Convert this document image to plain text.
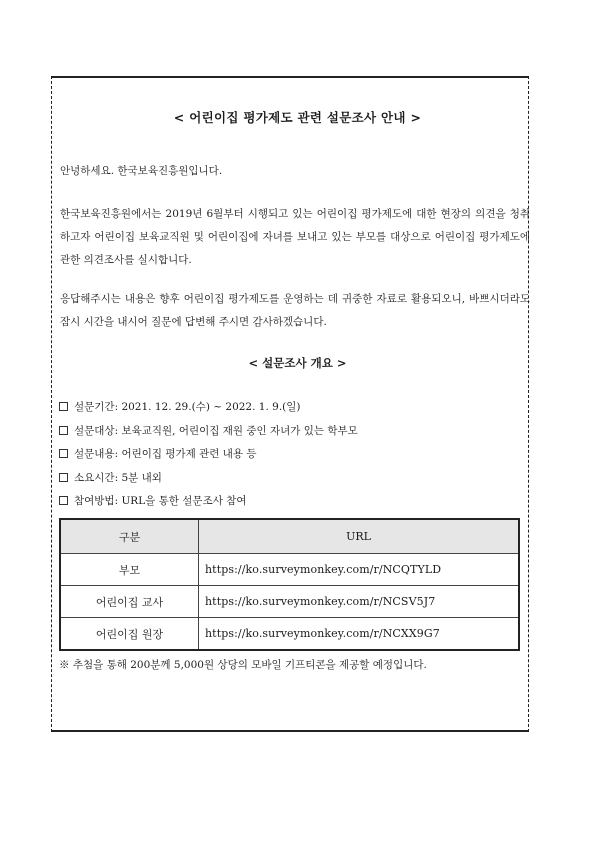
< 어린이집 평가제도 관련 설문조사 안내 >

안녕하세요. 한국보육진흥원입니다.

한국보육진흥원에서는 2019년 6월부터 시행되고 있는 어린이집 평가제도에 대한 현장의 의견을 청취하고자 어린이집 보육교직원 및 어린이집에 자녀를 보내고 있는 부모를 대상으로 어린이집 평가제도에 관한 의견조사를 실시합니다.

응답해주시는 내용은 향후 어린이집 평가제도를 운영하는 데 귀중한 자료로 활용되오니, 바쁘시더라도 잠시 시간을 내시어 질문에 답변해 주시면 감사하겠습니다.

< 설문조사 개요 >
설문기간: 2021. 12. 29.(수) ~ 2022. 1. 9.(일)
설문대상: 보육교직원, 어린이집 재원 중인 자녀가 있는 학부모
설문내용: 어린이집 평가제 관련 내용 등
소요시간: 5분 내외
참여방법: URL을 통한 설문조사 참여
구분	URL
부모	https://ko.surveymonkey.com/r/NCQTYLD
어린이집 교사	https://ko.surveymonkey.com/r/NCSV5J7
어린이집 원장	https://ko.surveymonkey.com/r/NCXX9G7
※ 추첨을 통해 200분께 5,000원 상당의 모바일 기프티콘을 제공할 예정입니다.
